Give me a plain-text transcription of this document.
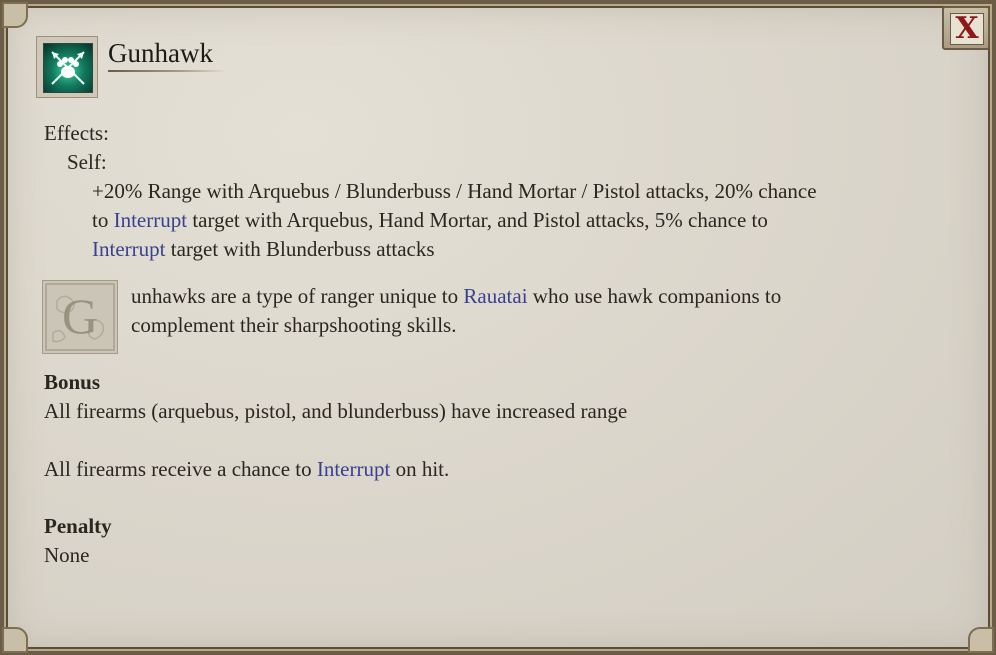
X
Gunhawk
Effects:
Self:
+20% Range with Arquebus / Blunderbuss / Hand Mortar / Pistol attacks, 20% chance
to Interrupt target with Arquebus, Hand Mortar, and Pistol attacks, 5% chance to
Interrupt target with Blunderbuss attacks
G unhawks are a type of ranger unique to Rauatai who use hawk companions to
complement their sharpshooting skills.
Bonus
All firearms (arquebus, pistol, and blunderbuss) have increased range
All firearms receive a chance to Interrupt on hit.
Penalty
None
